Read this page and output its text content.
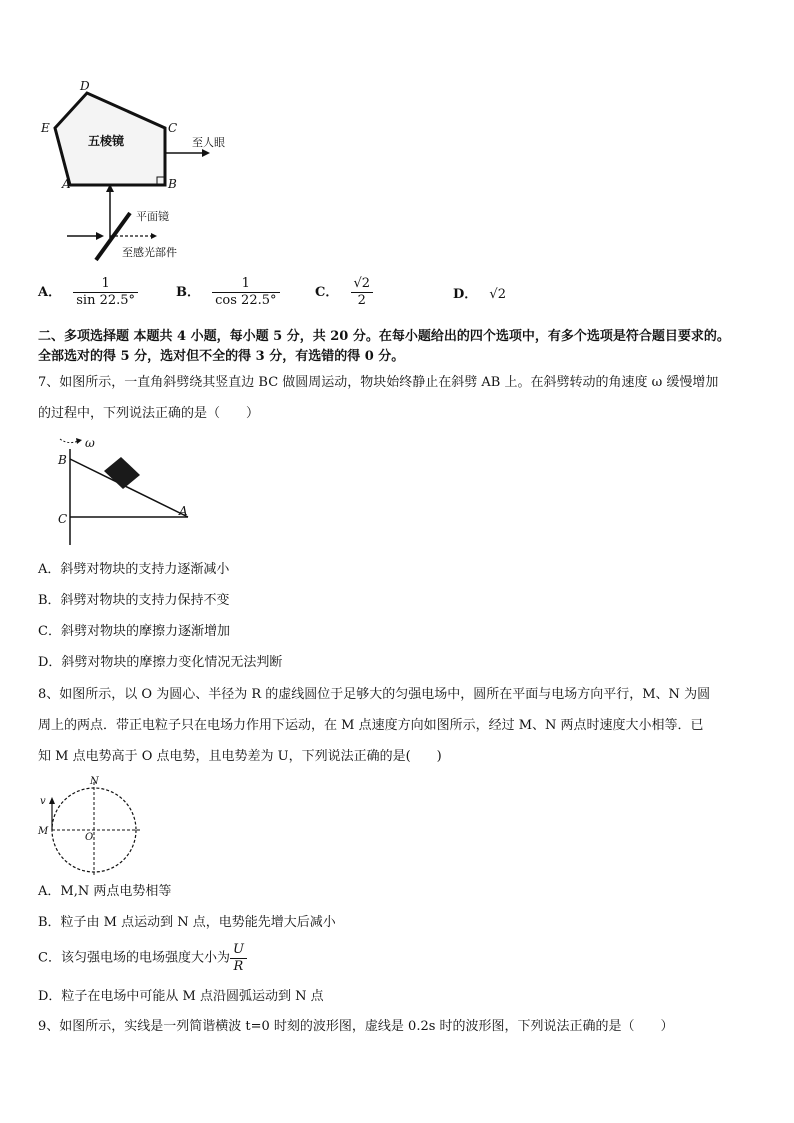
D
E	C
A	B
五棱镜	至人眼
平面镜
至感光部件
A． $\frac{1}{\sin 22.5^\circ}$	B． $\frac{1}{\cos 22.5^\circ}$	C． $\frac{√2}{2}$	D． √2
二、多项选择题 本题共 4 小题，每小题 5 分，共 20 分。在每小题给出的四个选项中，有多个选项是符合题目要求的。
全部选对的得 5 分，选对但不全的得 3 分，有选错的得 0 分。
7、如图所示，一直角斜劈绕其竖直边 BC 做圆周运动，物块始终静止在斜劈 AB 上。在斜劈转动的角速度 ω 缓慢增加
的过程中，下列说法正确的是（　　）
ω
B
C
A
A．斜劈对物块的支持力逐渐减小
B．斜劈对物块的支持力保持不变
C．斜劈对物块的摩擦力逐渐增加
D．斜劈对物块的摩擦力变化情况无法判断
8、如图所示，以 O 为圆心、半径为 R 的虚线圆位于足够大的匀强电场中，圆所在平面与电场方向平行，M、N 为圆
周上的两点．带正电粒子只在电场力作用下运动，在 M 点速度方向如图所示，经过 M、N 两点时速度大小相等．已
知 M 点电势高于 O 点电势，且电势差为 U，下列说法正确的是(　　)
N
M
O
v
A．M,N 两点电势相等
B．粒子由 M 点运动到 N 点，电势能先增大后减小
C．该匀强电场的电场强度大小为 $\frac{U}{R}$
D．粒子在电场中可能从 M 点沿圆弧运动到 N 点
9、如图所示，实线是一列简谐横波 t=0 时刻的波形图，虚线是 0.2s 时的波形图，下列说法正确的是（　　）
